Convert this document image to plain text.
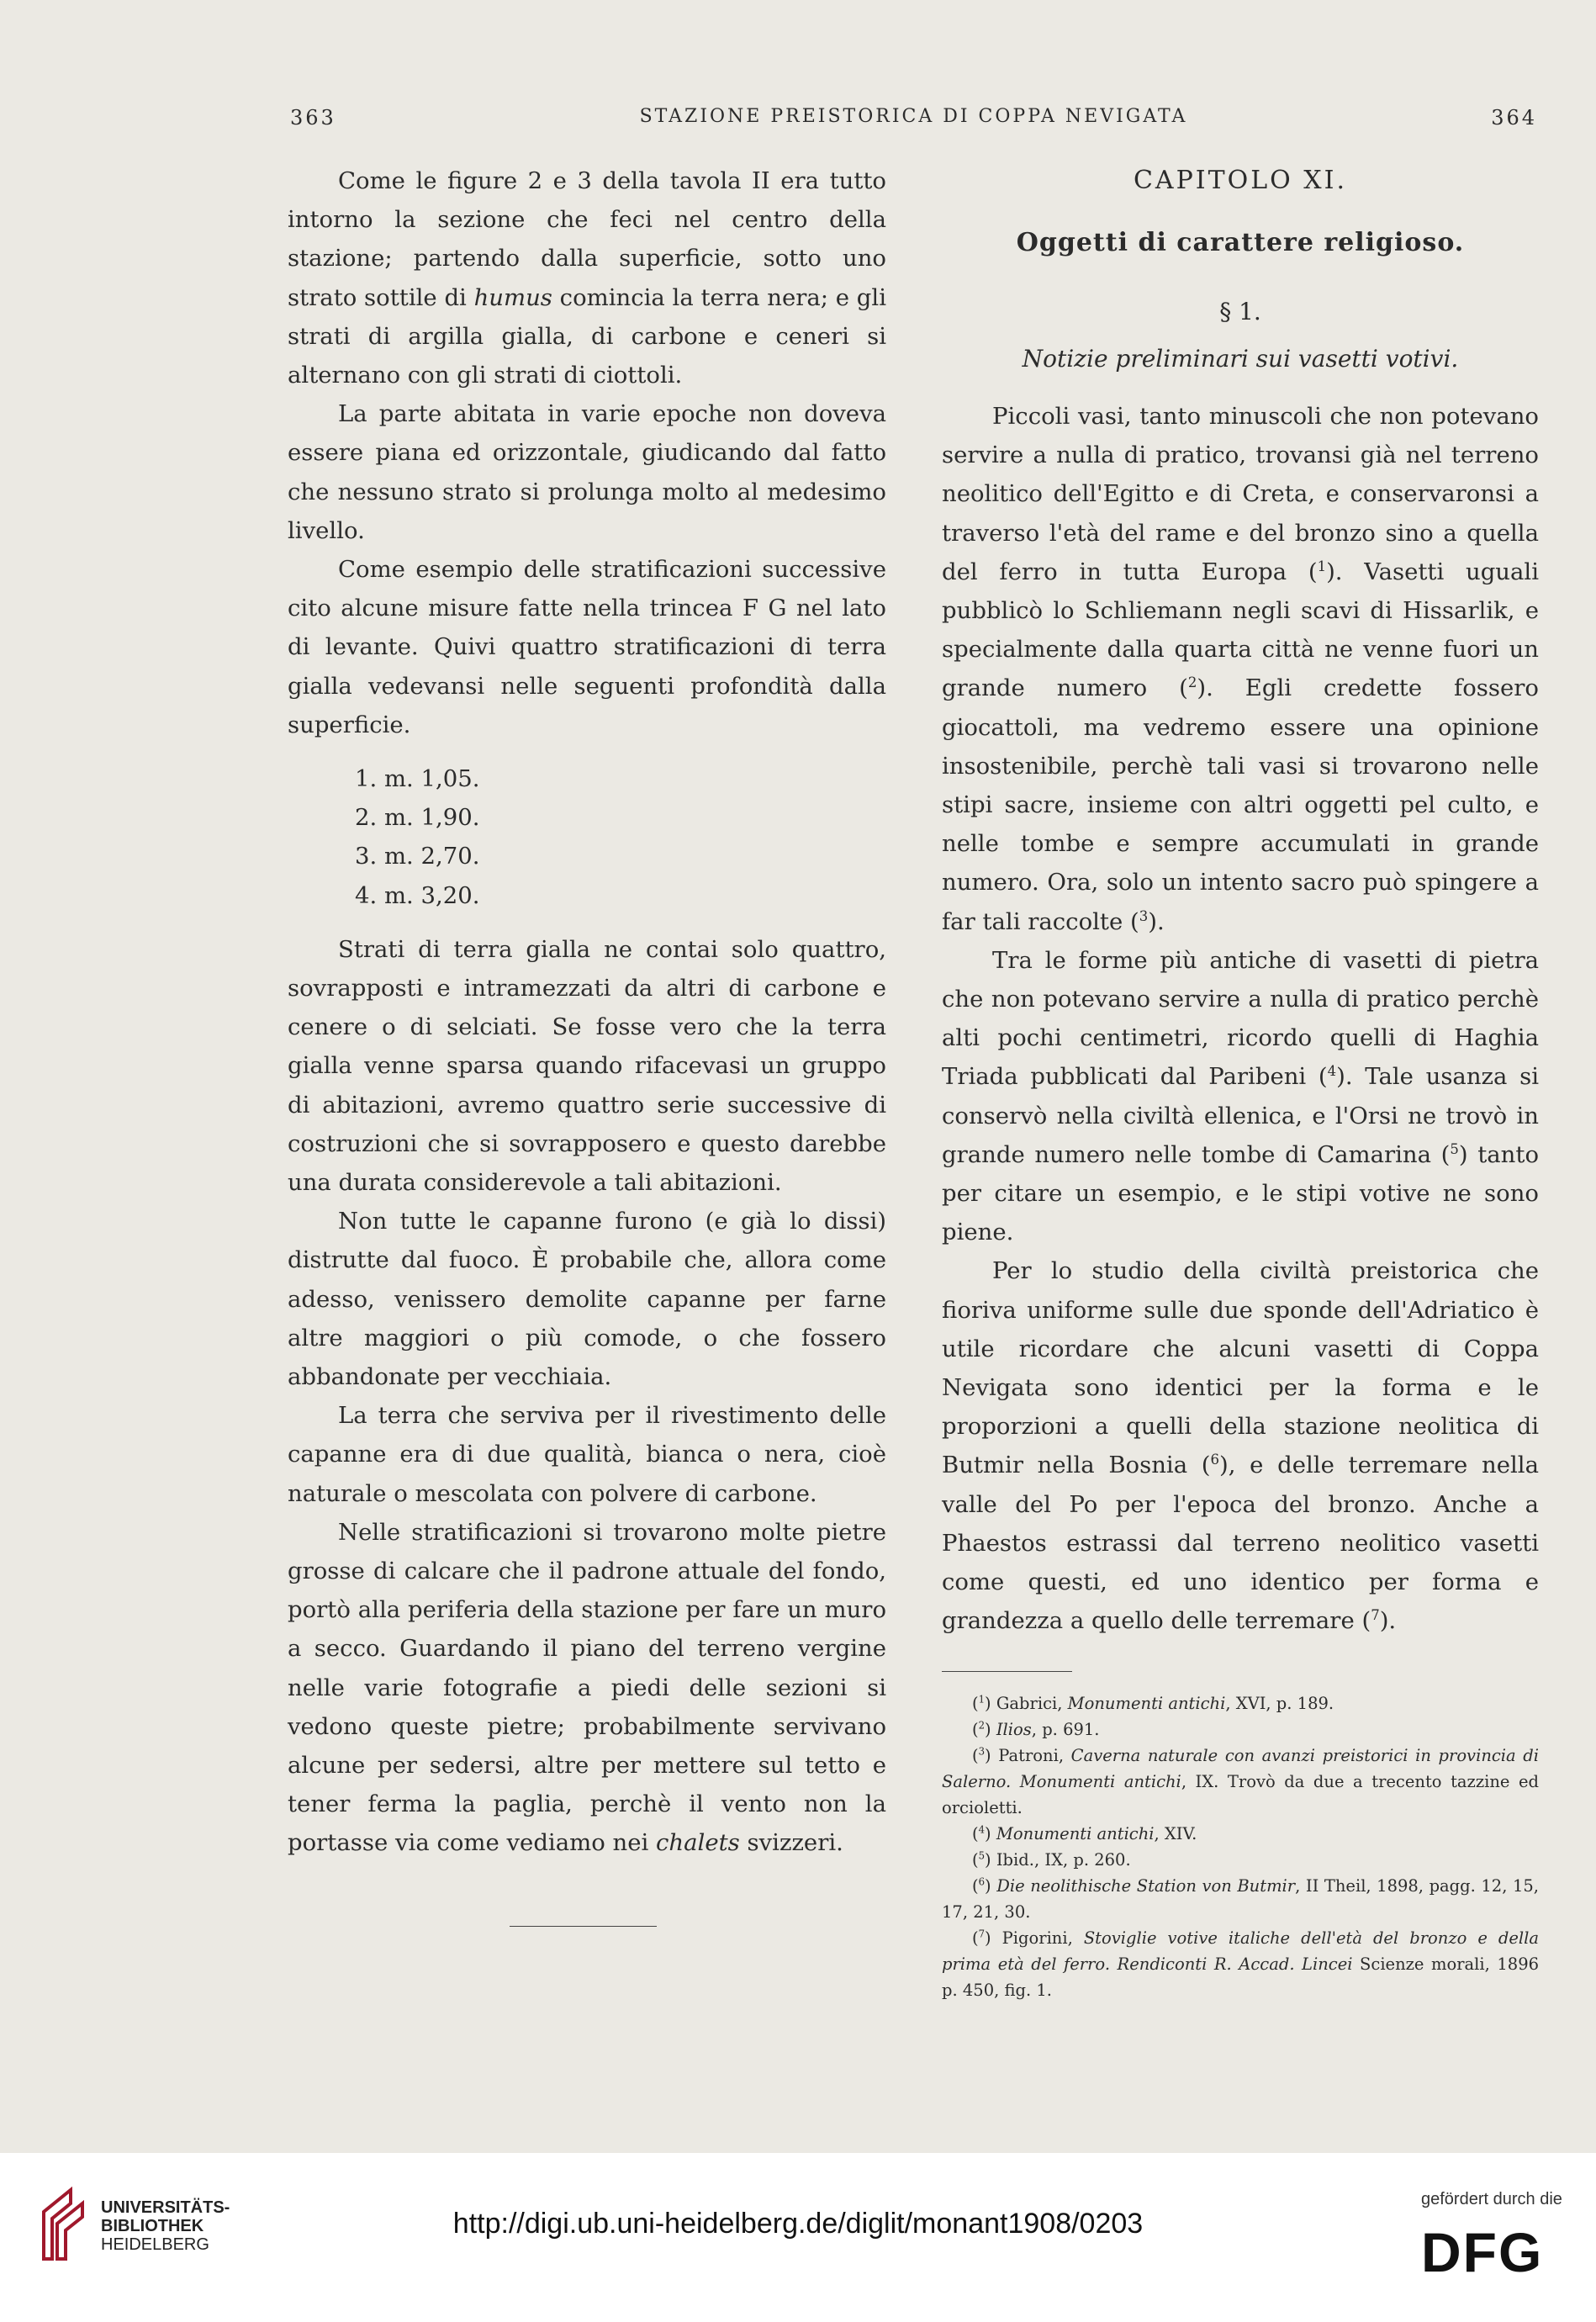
363	STAZIONE PREISTORICA DI COPPA NEVIGATA	364

Come le figure 2 e 3 della tavola II era tutto intorno la sezione che feci nel centro della stazione; partendo dalla superficie, sotto uno strato sottile di humus comincia la terra nera; e gli strati di argilla gialla, di carbone e ceneri si alternano con gli strati di ciottoli.

La parte abitata in varie epoche non doveva essere piana ed orizzontale, giudicando dal fatto che nessuno strato si prolunga molto al medesimo livello.

Come esempio delle stratificazioni successive cito alcune misure fatte nella trincea F G nel lato di levante. Quivi quattro stratificazioni di terra gialla vedevansi nelle seguenti profondità dalla superficie.

1. m. 1,05.
2. m. 1,90.
3. m. 2,70.
4. m. 3,20.

Strati di terra gialla ne contai solo quattro, sovrapposti e intramezzati da altri di carbone e cenere o di selciati. Se fosse vero che la terra gialla venne sparsa quando rifacevasi un gruppo di abitazioni, avremo quattro serie successive di costruzioni che si sovrapposero e questo darebbe una durata considerevole a tali abitazioni.

Non tutte le capanne furono (e già lo dissi) distrutte dal fuoco. È probabile che, allora come adesso, venissero demolite capanne per farne altre maggiori o più comode, o che fossero abbandonate per vecchiaia.

La terra che serviva per il rivestimento delle capanne era di due qualità, bianca o nera, cioè naturale o mescolata con polvere di carbone.

Nelle stratificazioni si trovarono molte pietre grosse di calcare che il padrone attuale del fondo, portò alla periferia della stazione per fare un muro a secco. Guardando il piano del terreno vergine nelle varie fotografie a piedi delle sezioni si vedono queste pietre; probabilmente servivano alcune per sedersi, altre per mettere sul tetto e tener ferma la paglia, perchè il vento non la portasse via come vediamo nei chalets svizzeri.

CAPITOLO XI.
Oggetti di carattere religioso.
§ 1.
Notizie preliminari sui vasetti votivi.

Piccoli vasi, tanto minuscoli che non potevano servire a nulla di pratico, trovansi già nel terreno neolitico dell'Egitto e di Creta, e conservaronsi a traverso l'età del rame e del bronzo sino a quella del ferro in tutta Europa ($^1$). Vasetti uguali pubblicò lo Schliemann negli scavi di Hissarlik, e specialmente dalla quarta città ne venne fuori un grande numero ($^2$). Egli credette fossero giocattoli, ma vedremo essere una opinione insostenibile, perchè tali vasi si trovarono nelle stipi sacre, insieme con altri oggetti pel culto, e nelle tombe e sempre accumulati in grande numero. Ora, solo un intento sacro può spingere a far tali raccolte ($^3$).

Tra le forme più antiche di vasetti di pietra che non potevano servire a nulla di pratico perchè alti pochi centimetri, ricordo quelli di Haghia Triada pubblicati dal Paribeni ($^4$). Tale usanza si conservò nella civiltà ellenica, e l'Orsi ne trovò in grande numero nelle tombe di Camarina ($^5$) tanto per citare un esempio, e le stipi votive ne sono piene.

Per lo studio della civiltà preistorica che fioriva uniforme sulle due sponde dell'Adriatico è utile ricordare che alcuni vasetti di Coppa Nevigata sono identici per la forma e le proporzioni a quelli della stazione neolitica di Butmir nella Bosnia ($^6$), e delle terremare nella valle del Po per l'epoca del bronzo. Anche a Phaestos estrassi dal terreno neolitico vasetti come questi, ed uno identico per forma e grandezza a quello delle terremare ($^7$).

($^1$) Gabrici, Monumenti antichi, XVI, p. 189.
($^2$) Ilios, p. 691.
($^3$) Patroni, Caverna naturale con avanzi preistorici in provincia di Salerno. Monumenti antichi, IX. Trovò da due a trecento tazzine ed orcioletti.
($^4$) Monumenti antichi, XIV.
($^5$) Ibid., IX, p. 260.
($^6$) Die neolithische Station von Butmir, II Theil, 1898, pagg. 12, 15, 17, 21, 30.
($^7$) Pigorini, Stoviglie votive italiche dell'età del bronzo e della prima età del ferro. Rendiconti R. Accad. Lincei Scienze morali, 1896 p. 450, fig. 1.
UNIVERSITÄTS-
BIBLIOTHEK
HEIDELBERG
http://digi.ub.uni-heidelberg.de/diglit/monant1908/0203
gefördert durch die
DFG
